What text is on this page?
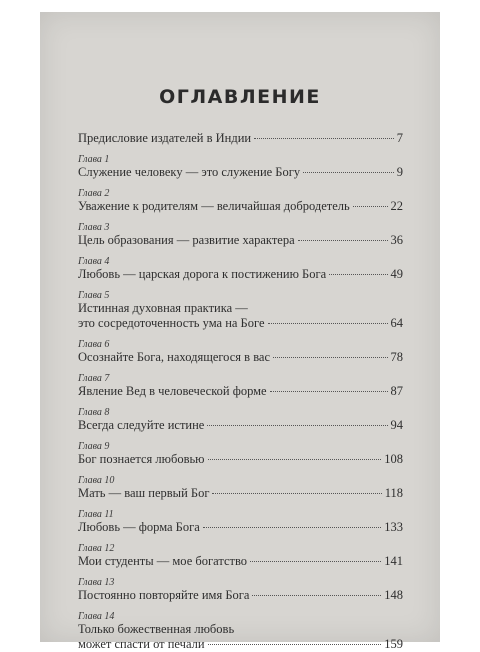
ОГЛАВЛЕНИЕ
Предисловие издателей в Индии	7
Глава 1
Служение человеку — это служение Богу	9
Глава 2
Уважение к родителям — величайшая добродетель	22
Глава 3
Цель образования — развитие характера	36
Глава 4
Любовь — царская дорога к постижению Бога	49
Глава 5
Истинная духовная практика —
это сосредоточенность ума на Боге	64
Глава 6
Осознайте Бога, находящегося в вас	78
Глава 7
Явление Вед в человеческой форме	87
Глава 8
Всегда следуйте истине	94
Глава 9
Бог познается любовью	108
Глава 10
Мать — ваш первый Бог	118
Глава 11
Любовь — форма Бога	133
Глава 12
Мои студенты — мое богатство	141
Глава 13
Постоянно повторяйте имя Бога	148
Глава 14
Только божественная любовь
может спасти от печали	159
